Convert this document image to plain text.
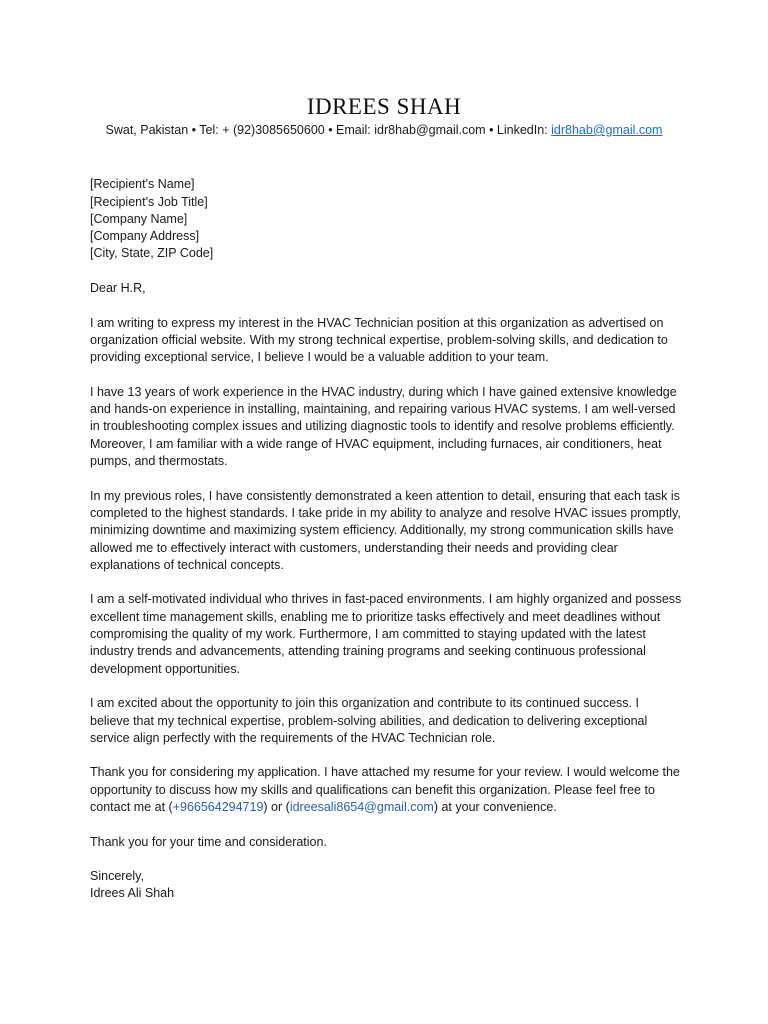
IDREES SHAH
Swat, Pakistan • Tel: + (92)3085650600 • Email: idr8hab@gmail.com • LinkedIn: idr8hab@gmail.com

[Recipient's Name]
[Recipient's Job Title]
[Company Name]
[Company Address]
[City, State, ZIP Code]

Dear H.R,

I am writing to express my interest in the HVAC Technician position at this organization as advertised on organization official website. With my strong technical expertise, problem-solving skills, and dedication to providing exceptional service, I believe I would be a valuable addition to your team.

I have 13 years of work experience in the HVAC industry, during which I have gained extensive knowledge and hands-on experience in installing, maintaining, and repairing various HVAC systems. I am well-versed in troubleshooting complex issues and utilizing diagnostic tools to identify and resolve problems efficiently. Moreover, I am familiar with a wide range of HVAC equipment, including furnaces, air conditioners, heat pumps, and thermostats.

In my previous roles, I have consistently demonstrated a keen attention to detail, ensuring that each task is completed to the highest standards. I take pride in my ability to analyze and resolve HVAC issues promptly, minimizing downtime and maximizing system efficiency. Additionally, my strong communication skills have allowed me to effectively interact with customers, understanding their needs and providing clear explanations of technical concepts.

I am a self-motivated individual who thrives in fast-paced environments. I am highly organized and possess excellent time management skills, enabling me to prioritize tasks effectively and meet deadlines without compromising the quality of my work. Furthermore, I am committed to staying updated with the latest industry trends and advancements, attending training programs and seeking continuous professional development opportunities.

I am excited about the opportunity to join this organization and contribute to its continued success. I believe that my technical expertise, problem-solving abilities, and dedication to delivering exceptional service align perfectly with the requirements of the HVAC Technician role.

Thank you for considering my application. I have attached my resume for your review. I would welcome the opportunity to discuss how my skills and qualifications can benefit this organization. Please feel free to contact me at (+966564294719) or (idreesali8654@gmail.com) at your convenience.

Thank you for your time and consideration.

Sincerely,
Idrees Ali Shah
